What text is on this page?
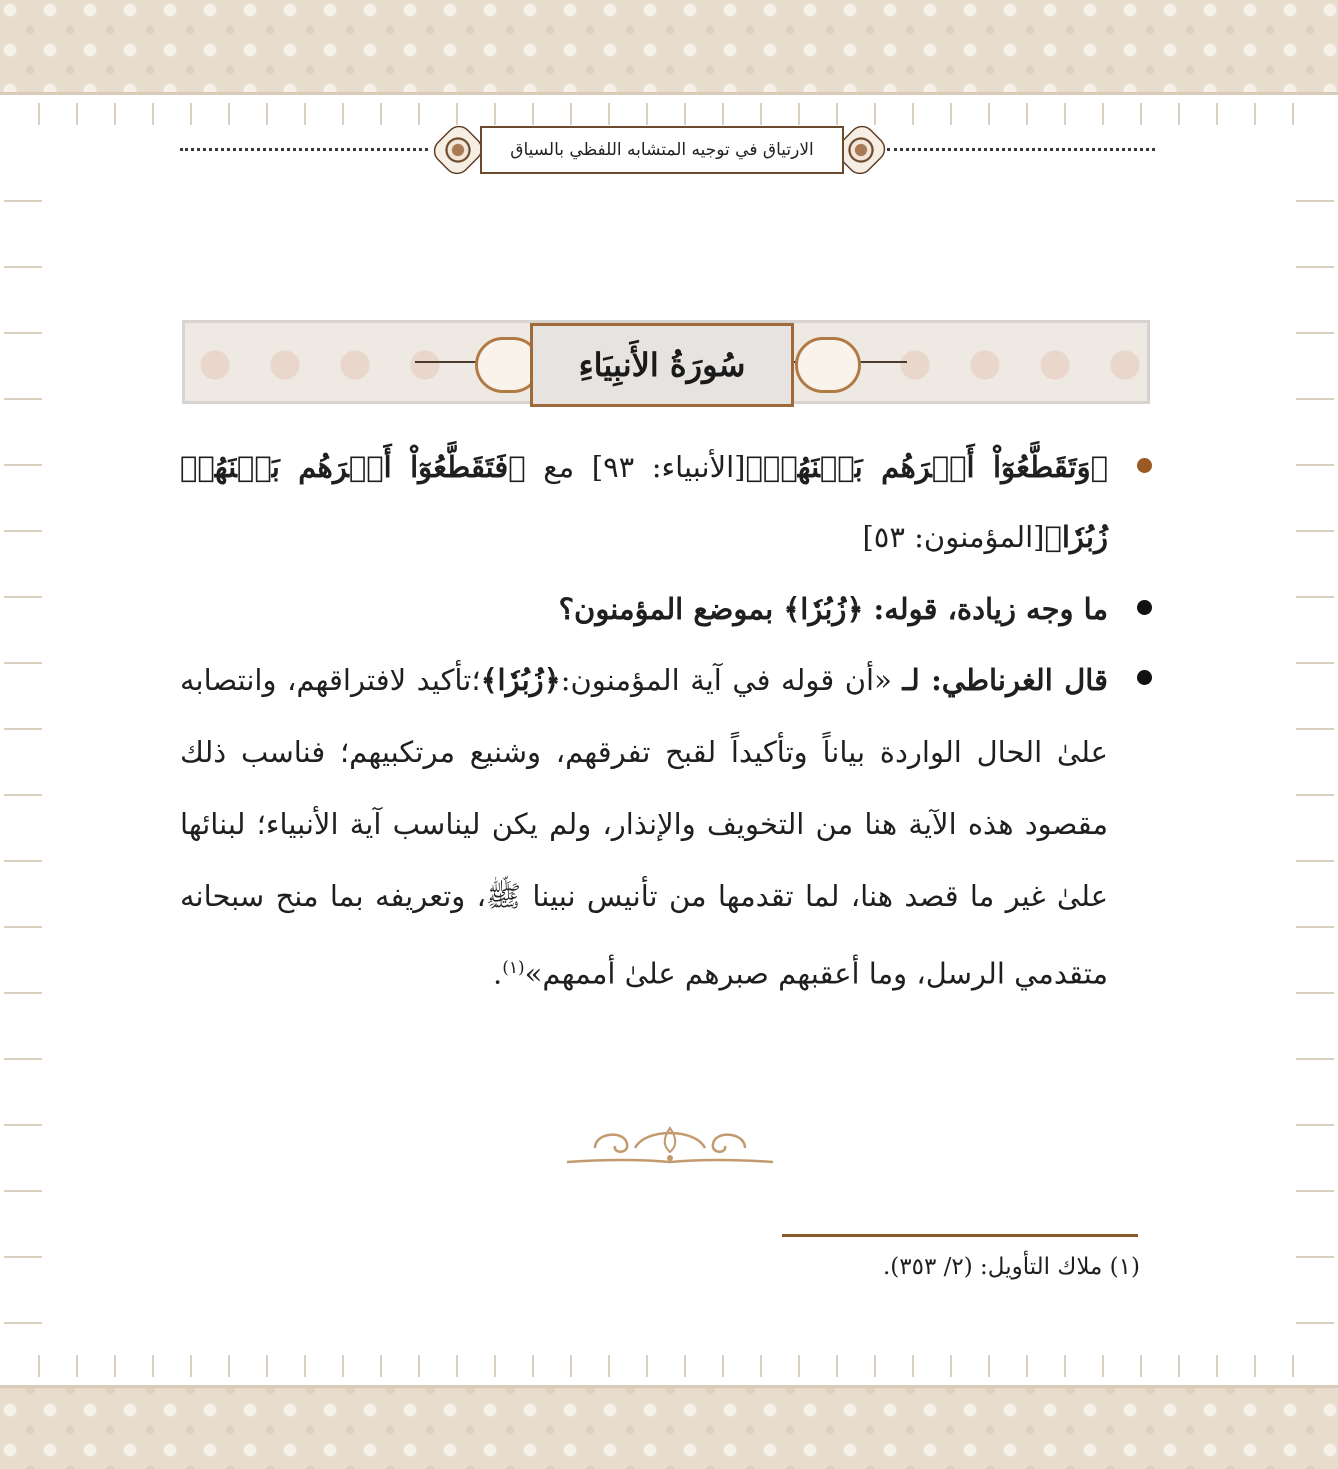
الارتياق في توجيه المتشابه اللفظي بالسياق
سُورَةُ الأَنبِيَاءِ
﴿وَتَقَطَّعُوٓاْ أَمۡرَهُم بَيۡنَهُمۡ﴾[الأنبياء: ٩٣] مع ﴿فَتَقَطَّعُوٓاْ أَمۡرَهُم بَيۡنَهُمۡ زُبُرٗا﴾[المؤمنون: ٥٣]
ما وجه زيادة، قوله: ﴿زُبُرٗا﴾ بموضع المؤمنون؟
قال الغرناطي: لـ «أن قوله في آية المؤمنون:﴿زُبُرٗا﴾؛تأكيد لافتراقهم، وانتصابه علىٰ الحال الواردة بياناً وتأكيداً لقبح تفرقهم، وشنيع مرتكبيهم؛ فناسب ذلك مقصود هذه الآية هنا من التخويف والإنذار، ولم يكن ليناسب آية الأنبياء؛ لبنائها علىٰ غير ما قصد هنا، لما تقدمها من تأنيس نبينا ﷺ، وتعريفه بما منح سبحانه متقدمي الرسل، وما أعقبهم صبرهم علىٰ أممهم»$^{(١)}$.
(١) ملاك التأويل: (٢/ ٣٥٣).
